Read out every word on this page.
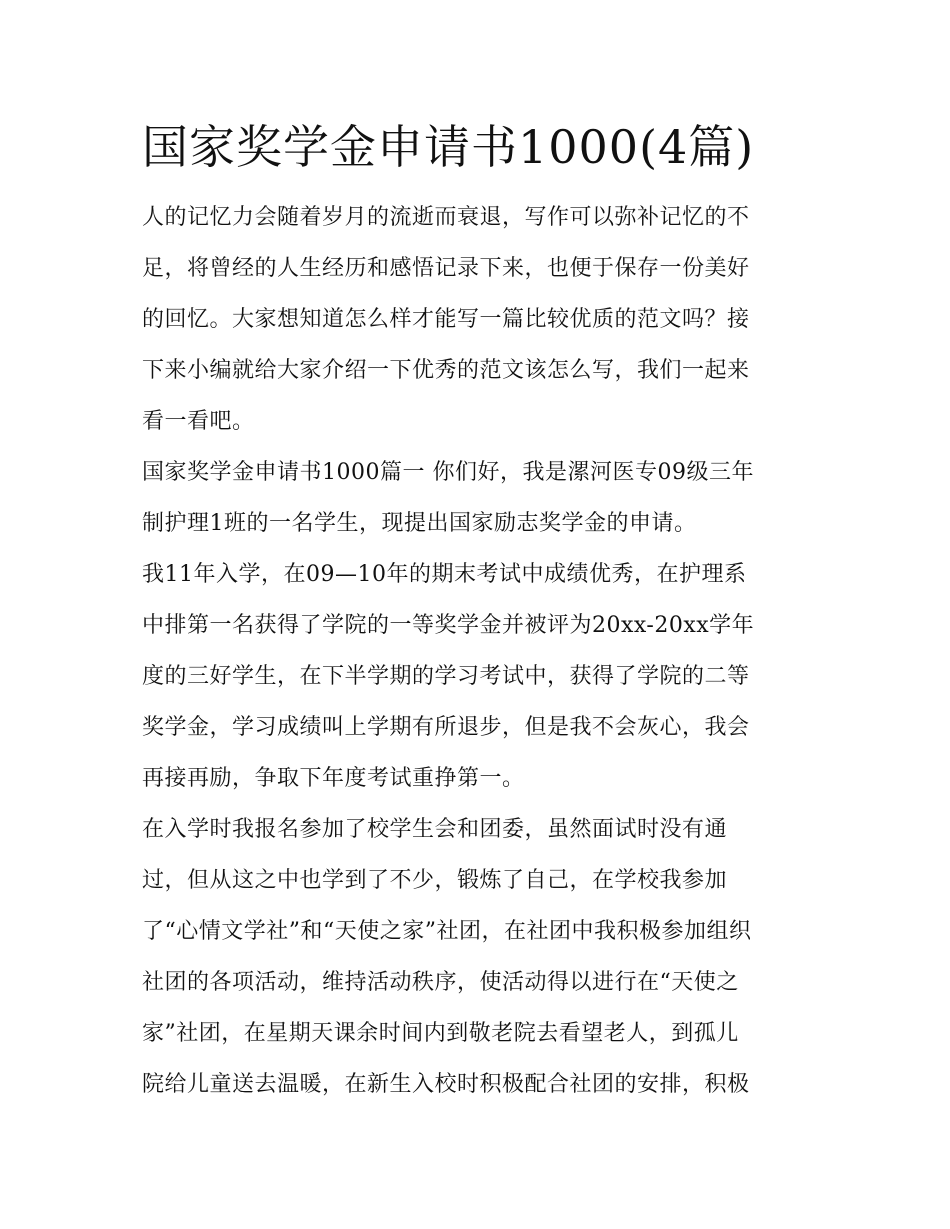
国家奖学金申请书1000(4篇)

人的记忆力会随着岁月的流逝而衰退，写作可以弥补记忆的不
足，将曾经的人生经历和感悟记录下来，也便于保存一份美好
的回忆。大家想知道怎么样才能写一篇比较优质的范文吗？接
下来小编就给大家介绍一下优秀的范文该怎么写，我们一起来
看一看吧。

国家奖学金申请书1000篇一 你们好，我是漯河医专09级三年
制护理1班的一名学生，现提出国家励志奖学金的申请。

我11年入学，在09—10年的期末考试中成绩优秀，在护理系
中排第一名获得了学院的一等奖学金并被评为20xx-20xx学年
度的三好学生，在下半学期的学习考试中，获得了学院的二等
奖学金，学习成绩叫上学期有所退步，但是我不会灰心，我会
再接再励，争取下年度考试重挣第一。

在入学时我报名参加了校学生会和团委，虽然面试时没有通
过，但从这之中也学到了不少，锻炼了自己，在学校我参加
了“心情文学社”和“天使之家”社团，在社团中我积极参加组织
社团的各项活动，维持活动秩序，使活动得以进行在“天使之
家”社团，在星期天课余时间内到敬老院去看望老人，到孤儿
院给儿童送去温暖，在新生入校时积极配合社团的安排，积极
